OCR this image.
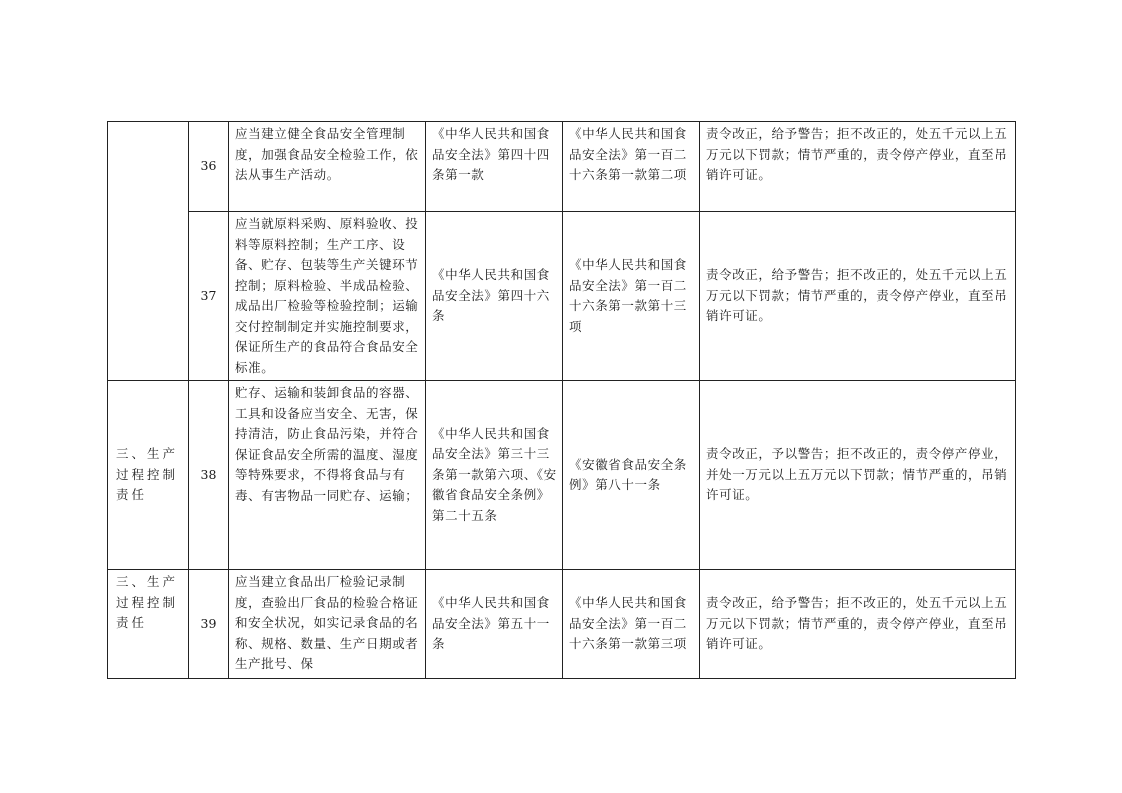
	36	应当建立健全食品安全管理制度，加强食品安全检验工作，依法从事生产活动。	《中华人民共和国食品安全法》第四十四条第一款	《中华人民共和国食品安全法》第一百二十六条第一款第二项	责令改正，给予警告；拒不改正的，处五千元以上五万元以下罚款；情节严重的，责令停产停业，直至吊销许可证。
	37	应当就原料采购、原料验收、投料等原料控制；生产工序、设备、贮存、包装等生产关键环节控制；原料检验、半成品检验、成品出厂检验等检验控制；运输交付控制制定并实施控制要求，保证所生产的食品符合食品安全标准。	《中华人民共和国食品安全法》第四十六条	《中华人民共和国食品安全法》第一百二十六条第一款第十三项	责令改正，给予警告；拒不改正的，处五千元以上五万元以下罚款；情节严重的，责令停产停业，直至吊销许可证。
三、生产过程控制责任	38	贮存、运输和装卸食品的容器、工具和设备应当安全、无害，保持清洁，防止食品污染，并符合保证食品安全所需的温度、湿度等特殊要求，不得将食品与有毒、有害物品一同贮存、运输；	《中华人民共和国食品安全法》第三十三条第一款第六项、《安徽省食品安全条例》第二十五条	《安徽省食品安全条例》第八十一条	责令改正，予以警告；拒不改正的，责令停产停业，并处一万元以上五万元以下罚款；情节严重的，吊销许可证。
三、生产过程控制责任	39	应当建立食品出厂检验记录制度，查验出厂食品的检验合格证和安全状况，如实记录食品的名称、规格、数量、生产日期或者生产批号、保	《中华人民共和国食品安全法》第五十一条	《中华人民共和国食品安全法》第一百二十六条第一款第三项	责令改正，给予警告；拒不改正的，处五千元以上五万元以下罚款；情节严重的，责令停产停业，直至吊销许可证。
